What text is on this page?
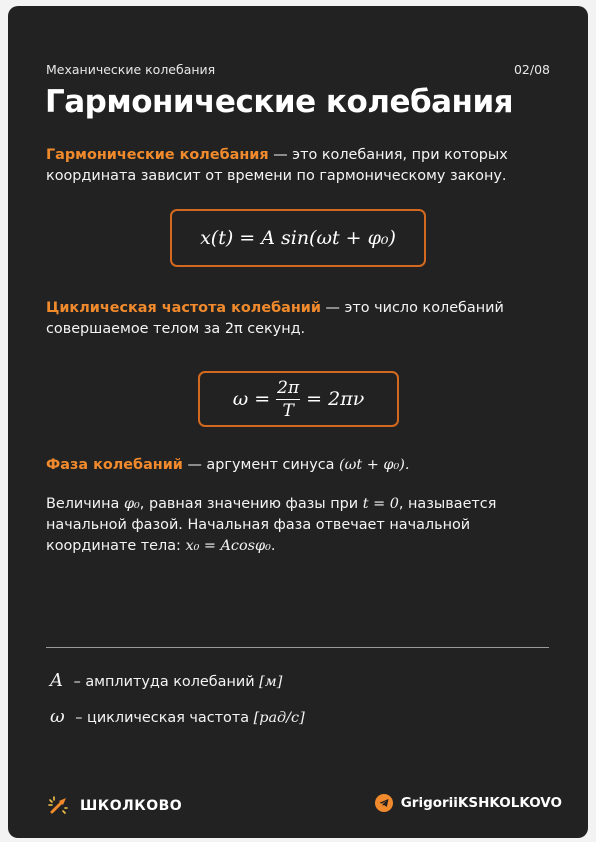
Механические колебания	02/08
Гармонические колебания
Гармонические колебания — это колебания, при которых координата зависит от времени по гармоническому закону.
x(t) = A sin(ωt + φ₀)
Циклическая частота колебаний — это число колебаний совершаемое телом за 2π секунд.
$\omega = \frac{2\pi}{T} = 2\pi\nu$
Фаза колебаний — аргумент синуса (ωt + φ₀).
Величина φ₀, равная значению фазы при t = 0, называется начальной фазой. Начальная фаза отвечает начальной координате тела: x₀ = Acosφ₀.
A – амплитуда колебаний [м]
ω – циклическая частота [рад/с]
ШКОЛКОВО	GrigoriiKSHKOLKOVO
